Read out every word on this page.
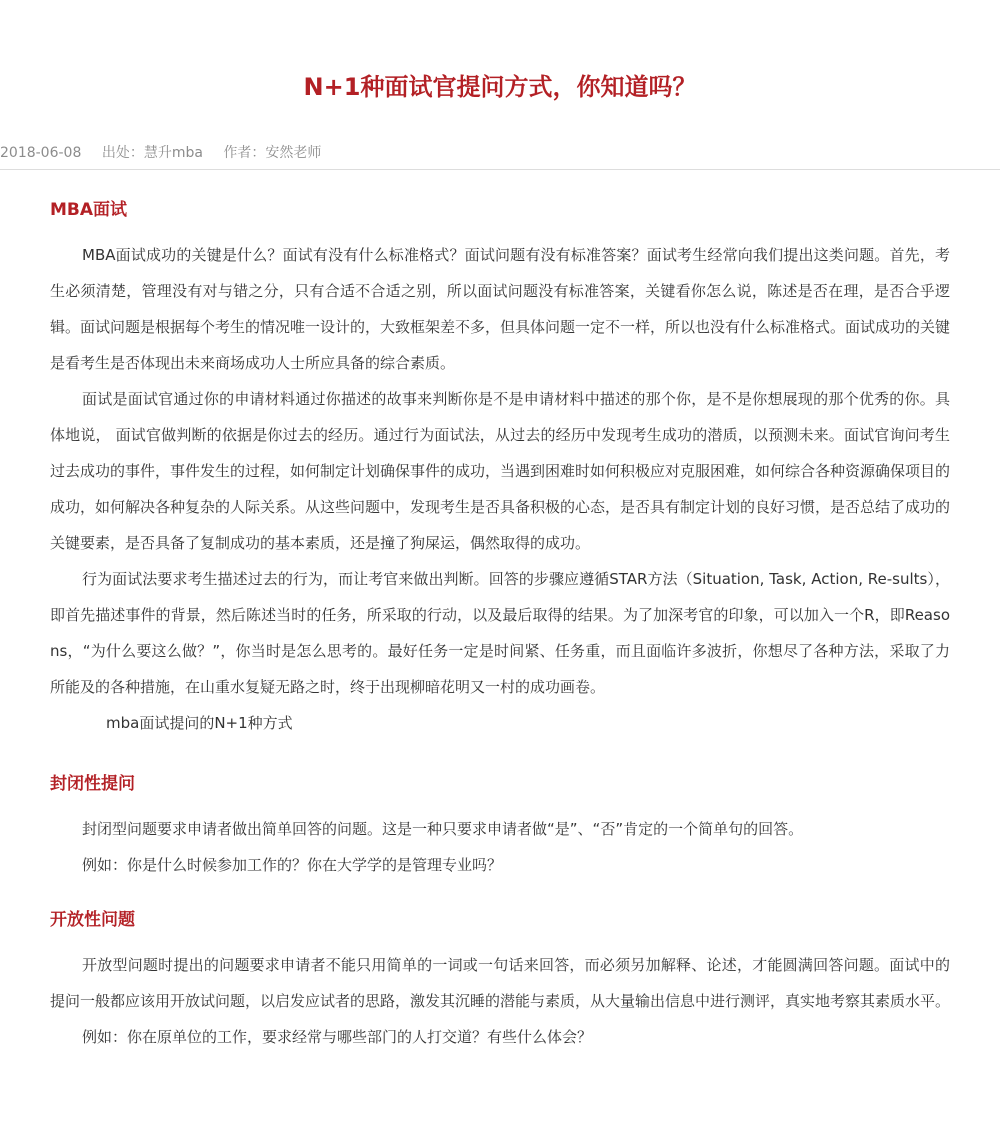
N+1种面试官提问方式，你知道吗？
2018-06-08 出处：慧升mba 作者：安然老师
MBA面试

MBA面试成功的关键是什么？面试有没有什么标准格式？面试问题有没有标准答案？面试考生经常向我们提出这类问题。首先，考生必须清楚，管理没有对与错之分，只有合适不合适之别，所以面试问题没有标准答案，关键看你怎么说，陈述是否在理，是否合乎逻辑。面试问题是根据每个考生的情况唯一设计的，大致框架差不多，但具体问题一定不一样，所以也没有什么标准格式。面试成功的关键是看考生是否体现出未来商场成功人士所应具备的综合素质。

面试是面试官通过你的申请材料通过你描述的故事来判断你是不是申请材料中描述的那个你，是不是你想展现的那个优秀的你。具体地说， 面试官做判断的依据是你过去的经历。通过行为面试法，从过去的经历中发现考生成功的潜质，以预测未来。面试官询问考生过去成功的事件，事件发生的过程，如何制定计划确保事件的成功，当遇到困难时如何积极应对克服困难，如何综合各种资源确保项目的成功，如何解决各种复杂的人际关系。从这些问题中，发现考生是否具备积极的心态，是否具有制定计划的良好习惯，是否总结了成功的关键要素，是否具备了复制成功的基本素质，还是撞了狗屎运，偶然取得的成功。

行为面试法要求考生描述过去的行为，而让考官来做出判断。回答的步骤应遵循STAR方法（Situation, Task, Action, Re-sults），即首先描述事件的背景，然后陈述当时的任务，所采取的行动，以及最后取得的结果。为了加深考官的印象，可以加入一个R，即Reasons，“为什么要这么做？”，你当时是怎么思考的。最好任务一定是时间紧、任务重，而且面临许多波折，你想尽了各种方法，采取了力所能及的各种措施，在山重水复疑无路之时，终于出现柳暗花明又一村的成功画卷。

mba面试提问的N+1种方式

封闭性提问

封闭型问题要求申请者做出简单回答的问题。这是一种只要求申请者做“是”、“否”肯定的一个简单句的回答。

例如：你是什么时候参加工作的？你在大学学的是管理专业吗？

开放性问题

开放型问题时提出的问题要求申请者不能只用简单的一词或一句话来回答，而必须另加解释、论述，才能圆满回答问题。面试中的提问一般都应该用开放试问题，以启发应试者的思路，激发其沉睡的潜能与素质，从大量输出信息中进行测评，真实地考察其素质水平。

例如：你在原单位的工作，要求经常与哪些部门的人打交道？有些什么体会？
